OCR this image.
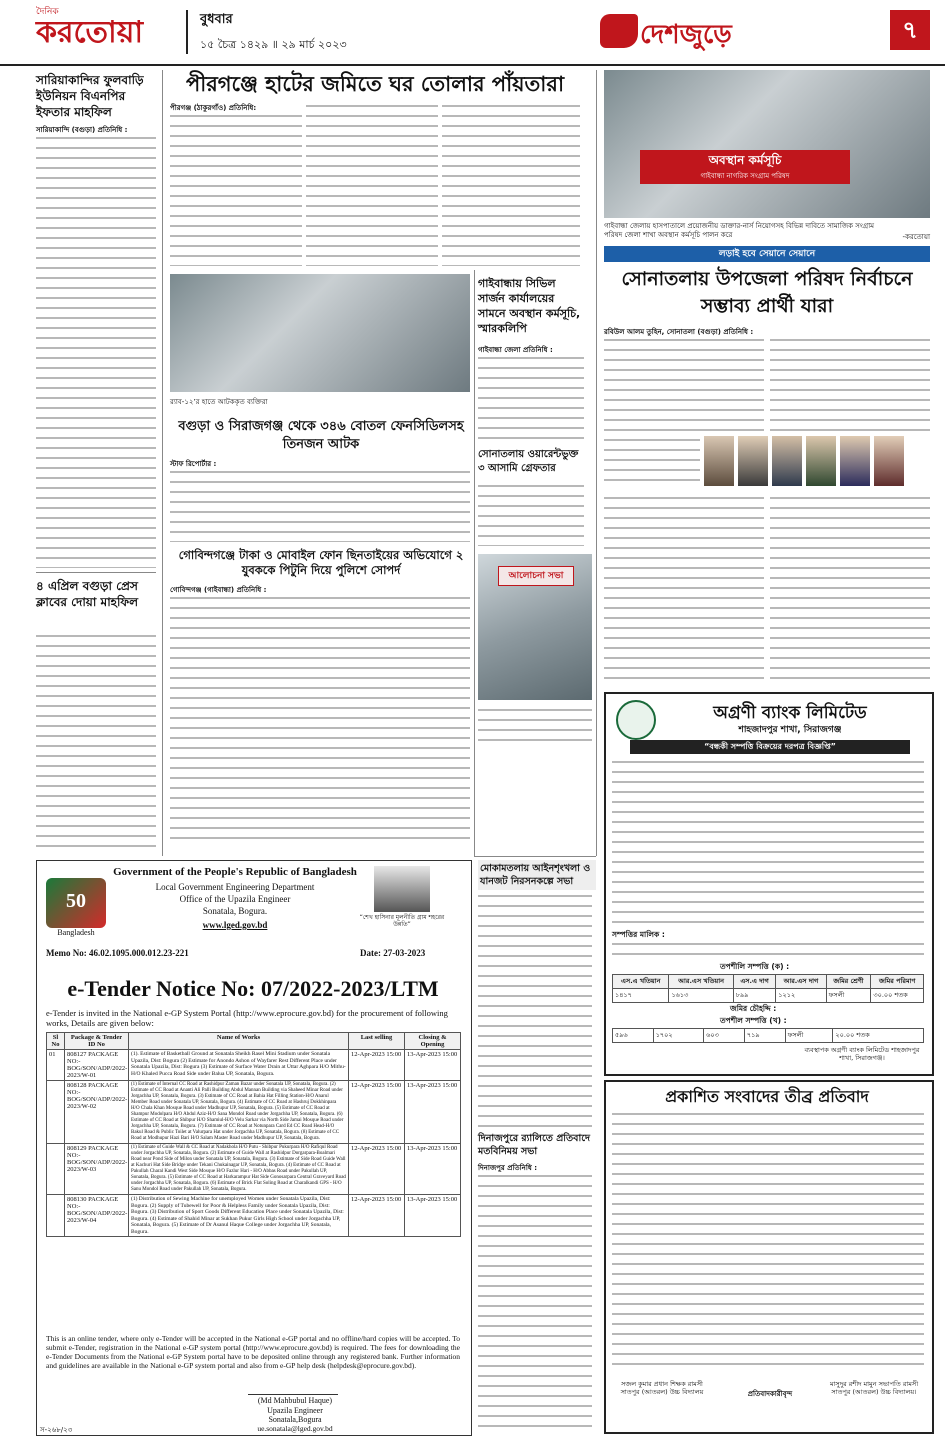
দৈনিক
করতোয়া	বুধবার
১৫ চৈত্র ১৪২৯ ॥ ২৯ মার্চ ২০২৩	দেশজুড়ে	৭
সারিয়াকান্দির ফুলবাড়ি ইউনিয়ন বিএনপির ইফতার মাহফিল
সারিয়াকান্দি (বগুড়া) প্রতিনিধি :
৪ এপ্রিল বগুড়া প্রেস ক্লাবের দোয়া মাহফিল
পীরগঞ্জে হাটের জমিতে ঘর তোলার পাঁয়তারা
পীরগঞ্জ (ঠাকুরগাঁও) প্রতিনিধি:
র‌্যাব-১২’র হাতে আটককৃত ব্যক্তিরা
বগুড়া ও সিরাজগঞ্জ থেকে ৩৪৬ বোতল ফেনসিডিলসহ তিনজন আটক
স্টাফ রিপোর্টার :
গোবিন্দগঞ্জে টাকা ও মোবাইল ফোন ছিনতাইয়ের অভিযোগে ২ যুবককে পিটুনি দিয়ে পুলিশে সোপর্দ
গোবিন্দগঞ্জ (গাইবান্ধা) প্রতিনিধি :
গাইবান্ধায় সিভিল সার্জন কার্যালয়ের সামনে অবস্থান কর্মসূচি, স্মারকলিপি
গাইবান্ধা জেলা প্রতিনিধি :
সোনাতলায় ওয়ারেন্টভুক্ত ৩ আসামি গ্রেফতার
আলোচনা সভা
অবস্থান কর্মসূচি
গাইবান্ধা নাগরিক সংগ্রাম পরিষদ
গাইবান্ধা জেলায় হাসপাতালে প্রয়োজনীয় ডাক্তার-নার্স নিয়োগসহ বিভিন্ন দাবিতে সামাজিক সংগ্রাম পরিষদ জেলা শাখা অবস্থান কর্মসূচি পালন করে	-করতোয়া
লড়াই হবে সেয়ানে সেয়ানে
সোনাতলায় উপজেলা পরিষদ নির্বাচনে সম্ভাব্য প্রার্থী যারা
রবিউল আলম তুহিন, সোনাতলা (বগুড়া) প্রতিনিধি :
অগ্রণী ব্যাংক লিমিটেড
শাহজাদপুর শাখা, সিরাজগঞ্জ
“বন্ধকী সম্পত্তি বিক্রয়ের দরপত্র বিজ্ঞপ্তি”
সম্পত্তির মালিক :
তপশীলি সম্পত্তি (ক) :
এস.এ খতিয়ান	আর.এস খতিয়ান	এস.এ দাগ	আর.এস দাগ	জমির শ্রেণী	জমির পরিমাণ
১৪১৭	১৬১৩	৮৯৯	১২১২	ফসলী	৩০.০০ শতক
জমির চৌহদ্দি :
তপশীল সম্পত্তি (খ) :
৫৯৬	১৭০২	৬০৩	৭১৯	ফসলী	২০.০০ শতক
ব্যবস্থাপক অগ্রণী ব্যাংক লিমিটেড শাহজাদপুর শাখা, সিরাজগঞ্জ।
প্রকাশিত সংবাদের তীব্র প্রতিবাদ
সজল কুমার প্রধান শিক্ষক রামসী সাতপুর (আতরল) উচ্চ বিদ্যালয়	প্রতিবাদকারীবৃন্দ
মাসুদুর রশীদ মামুন সভাপতি রামসী সাতপুর (আতরল) উচ্চ বিদ্যালয়।
মোকামতলায় আইনশৃংখলা ও যানজট নিরসনকল্পে সভা
দিনাজপুরে র‍্যালিতে প্রতিবাদে মতবিনিময় সভা
দিনাজপুর প্রতিনিধি :
Bangladesh
50
Government of the People's Republic of Bangladesh
Local Government Engineering Department
Office of the Upazila Engineer
Sonatala, Bogura.
www.lged.gov.bd
“শেখ হাসিনার মূলনীতি গ্রাম শহরের উন্নতি”
Memo No: 46.02.1095.000.012.23-221	Date: 27-03-2023
e-Tender Notice No: 07/2022-2023/LTM
e-Tender is invited in the National e-GP System Portal (http://www.eprocure.gov.bd) for the procurement of following works, Details are given below:
Sl No	Package & Tender ID No	Name of Works	Last selling	Closing & Opening
01	808127 PACKAGE NO:- BOG/SON/ADP/2022-2023/W-01	(1). Estimate of Basketball Ground at Sonatala Sheikh Rasel Mini Stadium under Sonatala Upazila, Dist: Bogura (2) Estimate for Anondo Ashon of Wayfarer Rest Different Place under Sonatala Upazila, Dist: Bogura (3) Estimate of Surface Water Drain at Uttar Aghpara H/O Mithu-H/O Khaled Pucca Road Side under Balua UP, Sonatala, Bogura.	12-Apr-2023 15:00	13-Apr-2023 15:00
	808128 PACKAGE NO:- BOG/SON/ADP/2022-2023/W-02	(1) Estimate of Internal CC Road at Rashidpur Zaman Bazar under Sonatala UP, Sonatala, Bogura. (2) Estimate of CC Road at Ananti Ali Palli Building Abdul Mannan Building via Shaheed Minar Road under Jorgachha UP, Sonatala, Bogura. (3) Estimate of CC Road at Bahia Hat Filling Station-H/O Anarul Member Road under Sonatala UP, Sonatala, Bogura. (4) Estimate of CC Road at Hashruj Dokkhinpara H/O Chala Khan Mosque Road under Madhupur UP, Sonatala, Bogura. (5) Estimate of CC Road at Shampur Modolpara H/O Abdul Aziz-H/O Sana Mondol Road under Jorgachha UP, Sonatala, Bogura. (6) Estimate of CC Road at Shibpur H/O Shamiul-H/O Velu Sarkar via North Side Jamai Mosque Road under Jorgachha UP, Sonatala, Bogura. (7) Estimate of CC Road at Notunpara Card Ed CC Road Head-H/O Bakul Road & Public Toilet at Valurpara Hat under Jorgachha UP, Sonatala, Bogura. (8) Estimate of CC Road at Modhupur Hazi Bari H/O Salam Master Road under Madhupur UP, Sonatala, Bogura.	12-Apr-2023 15:00	13-Apr-2023 15:00
	808129 PACKAGE NO:- BOG/SON/ADP/2022-2023/W-03	(1) Estimate of Guide Wall & CC Road at Nadakhola H/O Putu - Shibpur Pukurpara H/O Rafiqul Road under Jorgachha UP, Sonatala, Bogura. (2) Estimate of Guide Wall at Rashidpur Dorgarpara-Boalmari Road near Pond Side of Milon under Sonatala UP, Sonatala, Bogura. (3) Estimate of Side Road Guide Wall at Kachuri Hat Side Bridge under Tekani Chukainagar UP, Sonatala, Bogura. (4) Estimate of CC Road at Pakullah Charal Kandi West Side Mosque H/O Fazlur Hari - H/O Abbas Road under Pakullah UP, Sonatala, Bogura. (5) Estimate of CC Road at Harkarampur Hat Side Gonosarpara Central Graveyard Road under Jorgachha UP, Sonatala, Bogura. (6) Estimate of Brick Flat Soling Road at Charalkandi GPS - H/O Sanu Mondol Road under Pakullah UP, Sonatala, Bogura.	12-Apr-2023 15:00	13-Apr-2023 15:00
	808130 PACKAGE NO:- BOG/SON/ADP/2022-2023/W-04	(1) Distribution of Sewing Machine for unemployed Women under Sonatala Upazila, Dist: Bogura. (2) Supply of Tubewell for Poor & Helpless Family under Sonatala Upazila, Dist: Bogura. (3) Distribution of Sport Goods Different Education Place under Sonatala Upazila, Dist: Bogura. (4) Estimate of Shahid Minar at Sukhan Pukur Girls High School under Jorgachha UP, Sonatala, Bogura. (5) Estimate of Dr Asanul Haque College under Jorgachha UP, Sonatala, Bogura.	12-Apr-2023 15:00	13-Apr-2023 15:00
This is an online tender, where only e-Tender will be accepted in the National e-GP portal and no offline/hard copies will be accepted. To submit e-Tender, registration in the National e-GP system portal (http://www.eprocure.gov.bd) is required. The fees for downloading the e-Tender Documents from the National e-GP System portal have to be deposited online through any registered bank. Further information and guidelines are available in the National e-GP system portal and also from e-GP help desk (helpdesk@eprocure.gov.bd).
(Md Mahbubul Haque)
Upazila Engineer
Sonatala,Bogura
ue.sonatala@lged.gov.bd
স-২৬৮/২৩
